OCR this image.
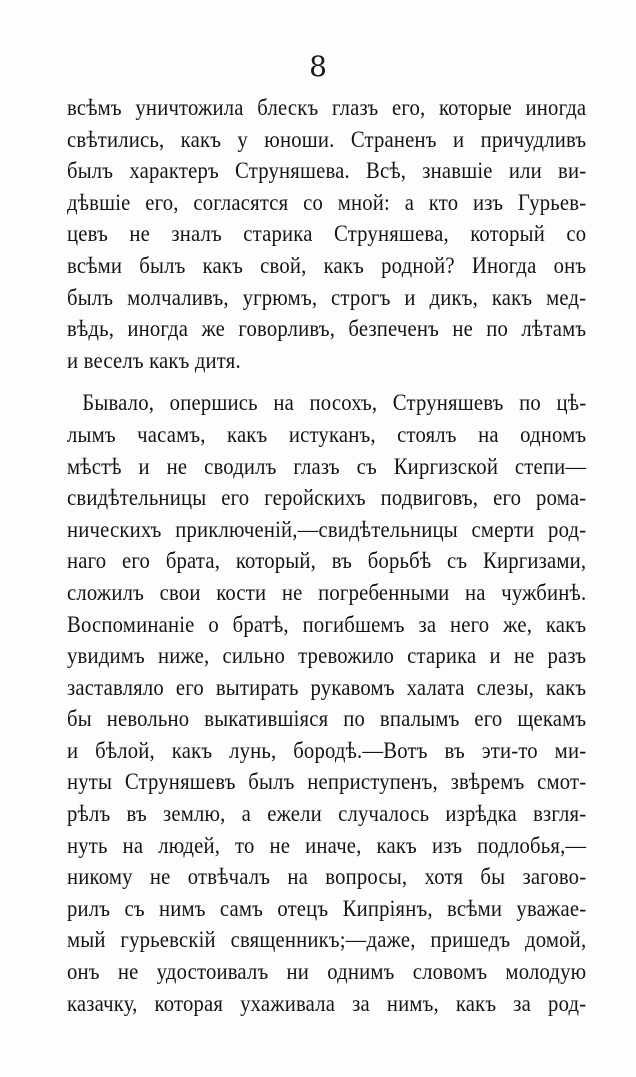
8
всѣмъ уничтожила блескъ глазъ его, которые иногда
свѣтились, какъ у юноши. Страненъ и причудливъ
былъ характеръ Струняшева. Всѣ, знавшіе или ви-
дѣвшіе его, согласятся со мной: а кто изъ Гурьев-
цевъ не зналъ старика Струняшева, который со
всѣми былъ какъ свой, какъ родной? Иногда онъ
былъ молчаливъ, угрюмъ, строгъ и дикъ, какъ мед-
вѣдь, иногда же говорливъ, безпеченъ не по лѣтамъ
и веселъ какъ дитя.
Бывало, опершись на посохъ, Струняшевъ по цѣ-
лымъ часамъ, какъ истуканъ, стоялъ на одномъ
мѣстѣ и не сводилъ глазъ съ Киргизской степи—
свидѣтельницы его геройскихъ подвиговъ, его рома-
ническихъ приключеній,—свидѣтельницы смерти род-
наго его брата, который, въ борьбѣ съ Киргизами,
сложилъ свои кости не погребенными на чужбинѣ.
Воспоминаніе о братѣ, погибшемъ за него же, какъ
увидимъ ниже, сильно тревожило старика и не разъ
заставляло его вытирать рукавомъ халата слезы, какъ
бы невольно выкатившіяся по впалымъ его щекамъ
и бѣлой, какъ лунь, бородѣ.—Вотъ въ эти-то ми-
нуты Струняшевъ былъ неприступенъ, звѣремъ смот-
рѣлъ въ землю, а ежели случалось изрѣдка взгля-
нуть на людей, то не иначе, какъ изъ подлобья,—
никому не отвѣчалъ на вопросы, хотя бы загово-
рилъ съ нимъ самъ отецъ Кипріянъ, всѣми уважае-
мый гурьевскій священникъ;—даже, пришедъ домой,
онъ не удостоивалъ ни однимъ словомъ молодую
казачку, которая ухаживала за нимъ, какъ за род-
